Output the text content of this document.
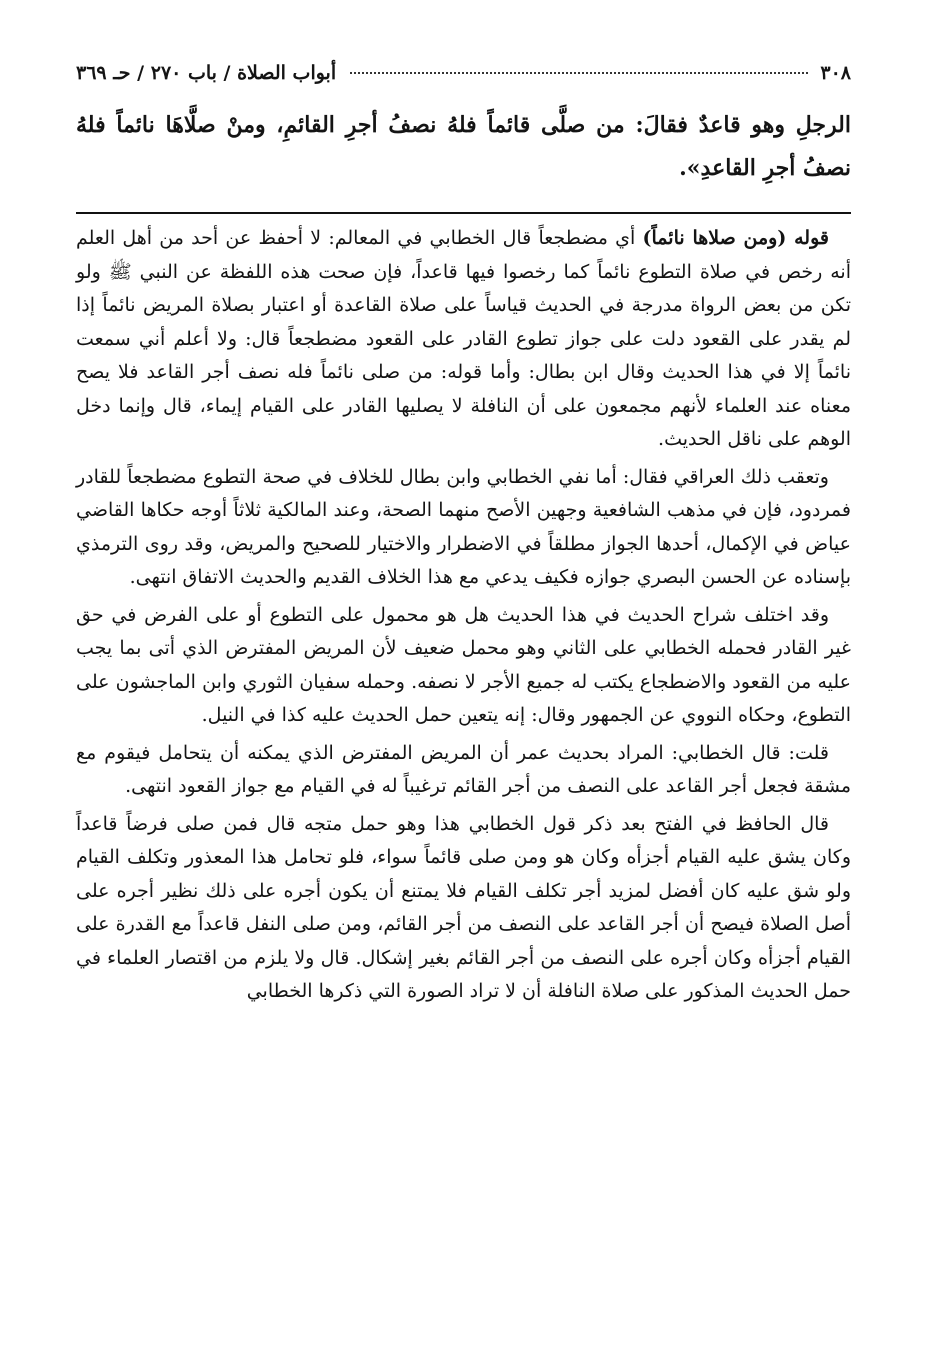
٣٠٨
أبواب الصلاة / باب ٢٧٠ / حـ ٣٦٩

الرجلِ وهو قاعدٌ فقالَ: من صلَّى قائماً فلهُ نصفُ أجرِ القائمِ، ومنْ صلَّاهَا نائماً فلهُ نصفُ أجرِ القاعدِ».

قوله (ومن صلاها نائماً) أي مضطجعاً قال الخطابي في المعالم: لا أحفظ عن أحد من أهل العلم أنه رخص في صلاة التطوع نائماً كما رخصوا فيها قاعداً، فإن صحت هذه اللفظة عن النبي ﷺ ولو تكن من بعض الرواة مدرجة في الحديث قياساً على صلاة القاعدة أو اعتبار بصلاة المريض نائماً إذا لم يقدر على القعود دلت على جواز تطوع القادر على القعود مضطجعاً قال: ولا أعلم أني سمعت نائماً إلا في هذا الحديث وقال ابن بطال: وأما قوله: من صلى نائماً فله نصف أجر القاعد فلا يصح معناه عند العلماء لأنهم مجمعون على أن النافلة لا يصليها القادر على القيام إيماء، قال وإنما دخل الوهم على ناقل الحديث.

وتعقب ذلك العراقي فقال: أما نفي الخطابي وابن بطال للخلاف في صحة التطوع مضطجعاً للقادر فمردود، فإن في مذهب الشافعية وجهين الأصح منهما الصحة، وعند المالكية ثلاثاً أوجه حكاها القاضي عياض في الإكمال، أحدها الجواز مطلقاً في الاضطرار والاختيار للصحيح والمريض، وقد روى الترمذي بإسناده عن الحسن البصري جوازه فكيف يدعي مع هذا الخلاف القديم والحديث الاتفاق انتهى.

وقد اختلف شراح الحديث في هذا الحديث هل هو محمول على التطوع أو على الفرض في حق غير القادر فحمله الخطابي على الثاني وهو محمل ضعيف لأن المريض المفترض الذي أتى بما يجب عليه من القعود والاضطجاع يكتب له جميع الأجر لا نصفه. وحمله سفيان الثوري وابن الماجشون على التطوع، وحكاه النووي عن الجمهور وقال: إنه يتعين حمل الحديث عليه كذا في النيل.

قلت: قال الخطابي: المراد بحديث عمر أن المريض المفترض الذي يمكنه أن يتحامل فيقوم مع مشقة فجعل أجر القاعد على النصف من أجر القائم ترغيباً له في القيام مع جواز القعود انتهى.

قال الحافظ في الفتح بعد ذكر قول الخطابي هذا وهو حمل متجه قال فمن صلى فرضاً قاعداً وكان يشق عليه القيام أجزأه وكان هو ومن صلى قائماً سواء، فلو تحامل هذا المعذور وتكلف القيام ولو شق عليه كان أفضل لمزيد أجر تكلف القيام فلا يمتنع أن يكون أجره على ذلك نظير أجره على أصل الصلاة فيصح أن أجر القاعد على النصف من أجر القائم، ومن صلى النفل قاعداً مع القدرة على القيام أجزأه وكان أجره على النصف من أجر القائم بغير إشكال. قال ولا يلزم من اقتصار العلماء في حمل الحديث المذكور على صلاة النافلة أن لا تراد الصورة التي ذكرها الخطابي
